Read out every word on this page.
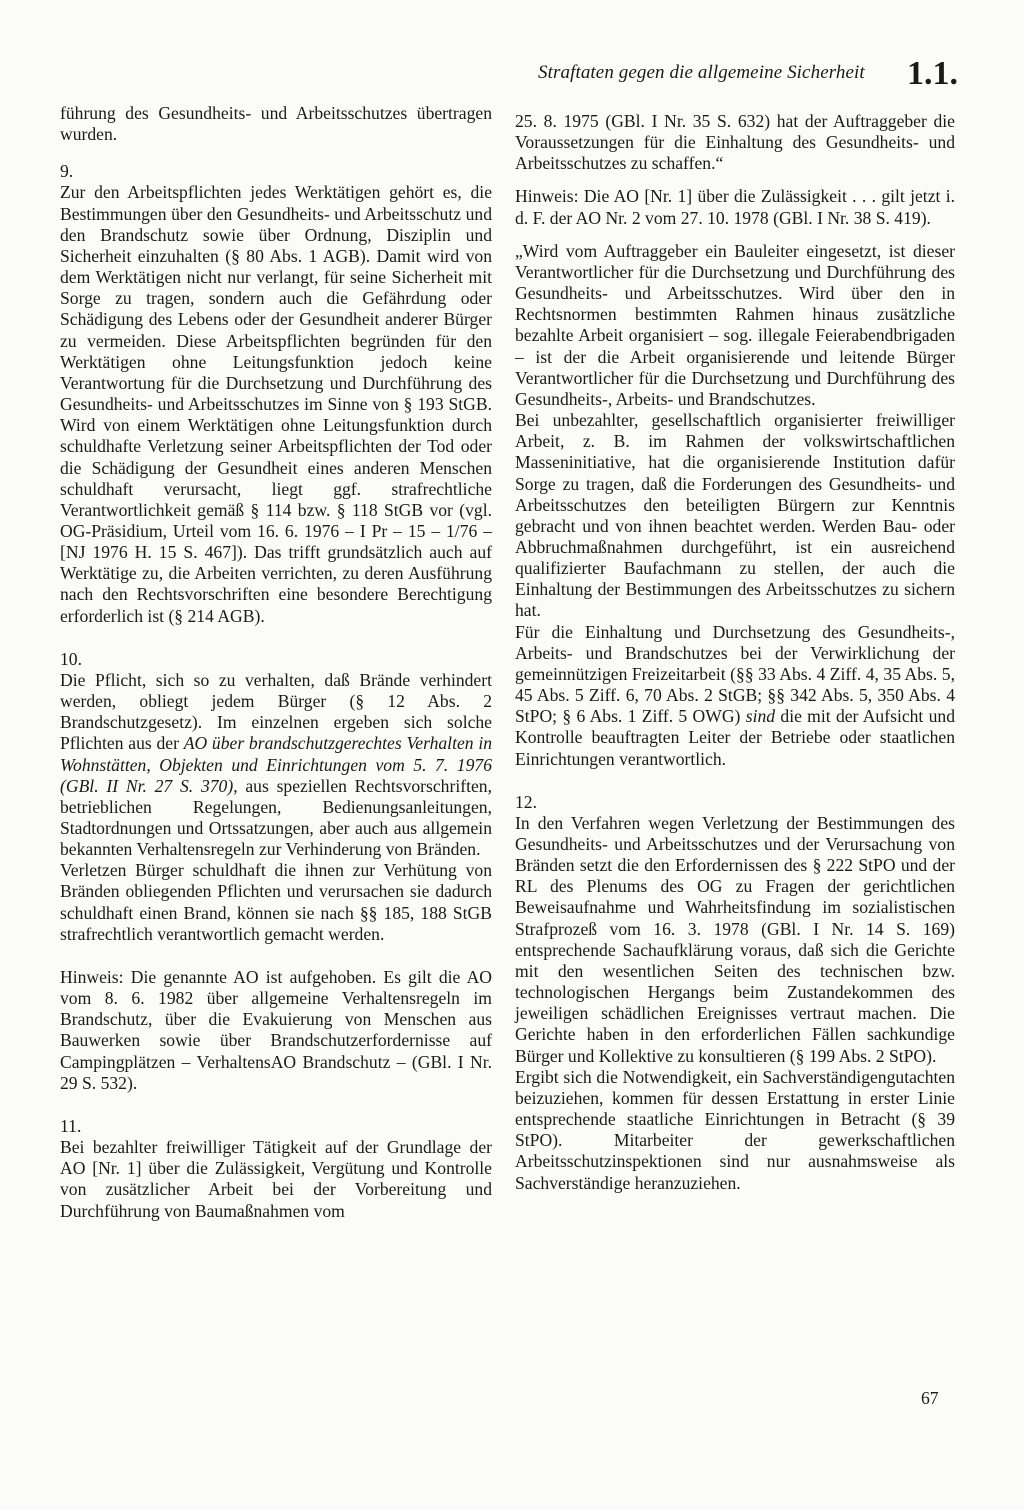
Straftaten gegen die allgemeine Sicherheit 1.1.

führung des Gesundheits- und Arbeitsschutzes übertragen wurden.

9.

Zur den Arbeitspflichten jedes Werktätigen gehört es, die Bestimmungen über den Gesundheits- und Arbeitsschutz und den Brandschutz sowie über Ordnung, Disziplin und Sicherheit einzuhalten (§ 80 Abs. 1 AGB). Damit wird von dem Werktätigen nicht nur verlangt, für seine Sicherheit mit Sorge zu tragen, sondern auch die Gefährdung oder Schädigung des Lebens oder der Gesundheit anderer Bürger zu vermeiden. Diese Arbeitspflichten begründen für den Werktätigen ohne Leitungsfunktion jedoch keine Verantwortung für die Durchsetzung und Durchführung des Gesundheits- und Arbeitsschutzes im Sinne von § 193 StGB. Wird von einem Werktätigen ohne Leitungsfunktion durch schuldhafte Verletzung seiner Arbeitspflichten der Tod oder die Schädigung der Gesundheit eines anderen Menschen schuldhaft verursacht, liegt ggf. strafrechtliche Verantwortlichkeit gemäß § 114 bzw. § 118 StGB vor (vgl. OG-Präsidium, Urteil vom 16. 6. 1976 – I Pr – 15 – 1/76 – [NJ 1976 H. 15 S. 467]). Das trifft grundsätzlich auch auf Werktätige zu, die Arbeiten verrichten, zu deren Ausführung nach den Rechtsvorschriften eine besondere Berechtigung erforderlich ist (§ 214 AGB).

10.

Die Pflicht, sich so zu verhalten, daß Brände verhindert werden, obliegt jedem Bürger (§ 12 Abs. 2 Brandschutzgesetz). Im einzelnen ergeben sich solche Pflichten aus der AO über brandschutzgerechtes Verhalten in Wohnstätten, Objekten und Einrichtungen vom 5. 7. 1976 (GBl. II Nr. 27 S. 370), aus speziellen Rechtsvorschriften, betrieblichen Regelungen, Bedienungsanleitungen, Stadtordnungen und Ortssatzungen, aber auch aus allgemein bekannten Verhaltensregeln zur Verhinderung von Bränden.

Verletzen Bürger schuldhaft die ihnen zur Verhütung von Bränden obliegenden Pflichten und verursachen sie dadurch schuldhaft einen Brand, können sie nach §§ 185, 188 StGB strafrechtlich verantwortlich gemacht werden.

Hinweis: Die genannte AO ist aufgehoben. Es gilt die AO vom 8. 6. 1982 über allgemeine Verhaltensregeln im Brandschutz, über die Evakuierung von Menschen aus Bauwerken sowie über Brandschutzerfordernisse auf Campingplätzen – VerhaltensAO Brandschutz – (GBl. I Nr. 29 S. 532).

11.

Bei bezahlter freiwilliger Tätigkeit auf der Grundlage der AO [Nr. 1] über die Zulässigkeit, Vergütung und Kontrolle von zusätzlicher Arbeit bei der Vorbereitung und Durchführung von Baumaßnahmen vom

25. 8. 1975 (GBl. I Nr. 35 S. 632) hat der Auftraggeber die Voraussetzungen für die Einhaltung des Gesundheits- und Arbeitsschutzes zu schaffen.“

Hinweis: Die AO [Nr. 1] über die Zulässigkeit . . . gilt jetzt i. d. F. der AO Nr. 2 vom 27. 10. 1978 (GBl. I Nr. 38 S. 419).

„Wird vom Auftraggeber ein Bauleiter eingesetzt, ist dieser Verantwortlicher für die Durchsetzung und Durchführung des Gesundheits- und Arbeitsschutzes. Wird über den in Rechtsnormen bestimmten Rahmen hinaus zusätzliche bezahlte Arbeit organisiert – sog. illegale Feierabendbrigaden – ist der die Arbeit organisierende und leitende Bürger Verantwortlicher für die Durchsetzung und Durchführung des Gesundheits-, Arbeits- und Brandschutzes.

Bei unbezahlter, gesellschaftlich organisierter freiwilliger Arbeit, z. B. im Rahmen der volkswirtschaftlichen Masseninitiative, hat die organisierende Institution dafür Sorge zu tragen, daß die Forderungen des Gesundheits- und Arbeitsschutzes den beteiligten Bürgern zur Kenntnis gebracht und von ihnen beachtet werden. Werden Bau- oder Abbruchmaßnahmen durchgeführt, ist ein ausreichend qualifizierter Baufachmann zu stellen, der auch die Einhaltung der Bestimmungen des Arbeitsschutzes zu sichern hat.

Für die Einhaltung und Durchsetzung des Gesundheits-, Arbeits- und Brandschutzes bei der Verwirklichung der gemeinnützigen Freizeitarbeit (§§ 33 Abs. 4 Ziff. 4, 35 Abs. 5, 45 Abs. 5 Ziff. 6, 70 Abs. 2 StGB; §§ 342 Abs. 5, 350 Abs. 4 StPO; § 6 Abs. 1 Ziff. 5 OWG) sind die mit der Aufsicht und Kontrolle beauftragten Leiter der Betriebe oder staatlichen Einrichtungen verantwortlich.

12.

In den Verfahren wegen Verletzung der Bestimmungen des Gesundheits- und Arbeitsschutzes und der Verursachung von Bränden setzt die den Erfordernissen des § 222 StPO und der RL des Plenums des OG zu Fragen der gerichtlichen Beweisaufnahme und Wahrheitsfindung im sozialistischen Strafprozeß vom 16. 3. 1978 (GBl. I Nr. 14 S. 169) entsprechende Sachaufklärung voraus, daß sich die Gerichte mit den wesentlichen Seiten des technischen bzw. technologischen Hergangs beim Zustandekommen des jeweiligen schädlichen Ereignisses vertraut machen. Die Gerichte haben in den erforderlichen Fällen sachkundige Bürger und Kollektive zu konsultieren (§ 199 Abs. 2 StPO).

Ergibt sich die Notwendigkeit, ein Sachverständigengutachten beizuziehen, kommen für dessen Erstattung in erster Linie entsprechende staatliche Einrichtungen in Betracht (§ 39 StPO). Mitarbeiter der gewerkschaftlichen Arbeitsschutzinspektionen sind nur ausnahmsweise als Sachverständige heranzuziehen.

67
